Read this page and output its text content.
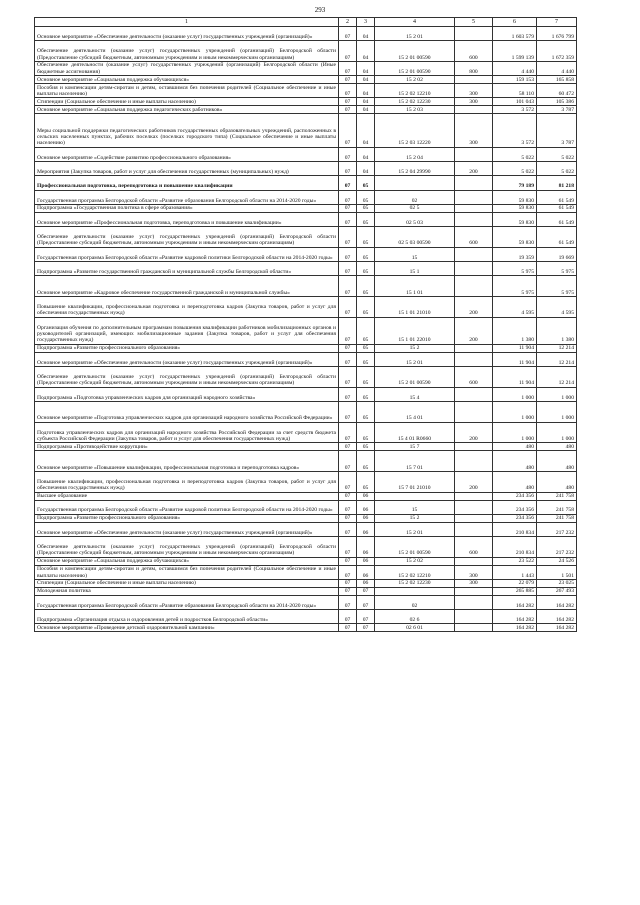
293
1	2	3	4	5	6	7
Основное мероприятие «Обеспечение деятельности (оказание услуг) государственных учреждений (организаций)»	07	04	15 2 01		1 603 579	1 676 799
Обеспечение деятельности (оказание услуг) государственных учреждений (организаций) Белгородской области (Предоставление субсидий бюджетным, автономным учреждениям и иным некоммерческим организациям)	07	04	15 2 01 00590	600	1 599 139	1 672 359
Обеспечение деятельности (оказание услуг) государственных учреждений (организаций) Белгородской области (Иные бюджетные ассигнования)	07	04	15 2 01 00590	800	4 440	4 440
Основное мероприятие «Социальная поддержка обучающихся»	07	04	15 2 02		159 153	165 858
Пособия и компенсации детям-сиротам и детям, оставшимся без попечения родителей (Социальное обеспечение и иные выплаты населению)	07	04	15 2 02 12210	300	58 110	60 472
Стипендии (Социальное обеспечение и иные выплаты населению)	07	04	15 2 02 12230	300	101 043	105 386
Основное мероприятие «Социальная поддержка педагогических работников»	07	04	15 2 03		3 572	3 787
Меры социальной поддержки педагогических работников государственных образовательных учреждений, расположенных в сельских населенных пунктах, рабочих поселках (поселках городского типа) (Социальное обеспечение и иные выплаты населению)	07	04	15 2 03 12220	300	3 572	3 787
Основное мероприятие «Содействие развитию профессионального образования»	07	04	15 2 04		5 022	5 022
Мероприятия (Закупка товаров, работ и услуг для обеспечения государственных (муниципальных) нужд)	07	04	15 2 04 29990	200	5 022	5 022
Профессиональная подготовка, переподготовка и повышение квалификации	07	05			79 189	81 218
Государственная программа Белгородской области «Развитие образования Белгородской области на 2014-2020 годы»	07	05	02		59 830	61 549
Подпрограмма «Государственная политика в сфере образования»	07	05	02 5		59 830	61 549
Основное мероприятие «Профессиональная подготовка, переподготовка и повышение квалификации»	07	05	02 5 03		59 830	61 549
Обеспечение деятельности (оказание услуг) государственных учреждений (организаций) Белгородской области (Предоставление субсидий бюджетным, автономным учреждениям и иным некоммерческим организациям)	07	05	02 5 03 00590	600	59 830	61 549
Государственная программа Белгородской области «Развитие кадровой политики Белгородской области на 2014-2020 годы»	07	05	15		19 359	19 669
Подпрограмма «Развитие государственной гражданской и муниципальной службы Белгородской области»	07	05	15 1		5 975	5 975
Основное мероприятие «Кадровое обеспечение государственной гражданской и муниципальной службы»	07	05	15 1 01		5 975	5 975
Повышение квалификации, профессиональная подготовка и переподготовка кадров (Закупка товаров, работ и услуг для обеспечения государственных нужд)	07	05	15 1 01 21010	200	4 595	4 595
Организация обучения по дополнительным программам повышения квалификации работников мобилизационных органов и руководителей организаций, имеющих мобилизационные задания (Закупка товаров, работ и услуг для обеспечения государственных нужд)	07	05	15 1 01 22010	200	1 380	1 380
Подпрограмма «Развитие профессионального образования»	07	05	15 2		11 904	12 214
Основное мероприятие «Обеспечение деятельности (оказание услуг) государственных учреждений (организаций)»	07	05	15 2 01		11 904	12 214
Обеспечение деятельности (оказание услуг) государственных учреждений (организаций) Белгородской области (Предоставление субсидий бюджетным, автономным учреждениям и иным некоммерческим организациям)	07	05	15 2 01 00590	600	11 904	12 214
Подпрограмма «Подготовка управленческих кадров для организаций народного хозяйства»	07	05	15 4		1 000	1 000
Основное мероприятие «Подготовка управленческих кадров для организаций народного хозяйства Российской Федерации»	07	05	15 4 01		1 000	1 000
Подготовка управленческих кадров для организаций народного хозяйства Российской Федерации за счет средств бюджета субъекта Российской Федерации (Закупка товаров, работ и услуг для обеспечения государственных нужд)	07	05	15 4 01 R0660	200	1 000	1 000
Подпрограмма «Противодействие коррупции»	07	05	15 7		480	480
Основное мероприятие «Повышение квалификации, профессиональная подготовка и переподготовка кадров»	07	05	15 7 01		480	480
Повышение квалификации, профессиональная подготовка и переподготовка кадров (Закупка товаров, работ и услуг для обеспечения государственных нужд)	07	05	15 7 01 21010	200	480	480
Высшее образование	07	06			234 356	241 758
Государственная программа Белгородской области «Развитие кадровой политики Белгородской области на 2014-2020 годы»	07	06	15		234 356	241 758
Подпрограмма «Развитие профессионального образования»	07	06	15 2		234 356	241 758
Основное мероприятие «Обеспечение деятельности (оказание услуг) государственных учреждений (организаций)»	07	06	15 2 01		210 834	217 232
Обеспечение деятельности (оказание услуг) государственных учреждений (организаций) Белгородской области (Предоставление субсидий бюджетным, автономным учреждениям и иным некоммерческим организациям)	07	06	15 2 01 00590	600	210 834	217 232
Основное мероприятие «Социальная поддержка обучающихся»	07	06	15 2 02		23 522	24 526
Пособия и компенсации детям-сиротам и детям, оставшимся без попечения родителей (Социальное обеспечение и иные выплаты населению)	07	06	15 2 02 12210	300	1 443	1 501
Стипендии (Социальное обеспечение и иные выплаты населению)	07	06	15 2 02 12230	300	22 079	23 025
Молодежная политика	07	07			265 885	267 493
Государственная программа Белгородской области «Развитие образования Белгородской области на 2014-2020 годы»	07	07	02		164 282	164 282
Подпрограмма «Организация отдыха и оздоровления детей и подростков Белгородской области»	07	07	02 6		164 282	164 282
Основное мероприятие «Проведение детской оздоровительной кампании»	07	07	02 6 01		164 282	164 282
